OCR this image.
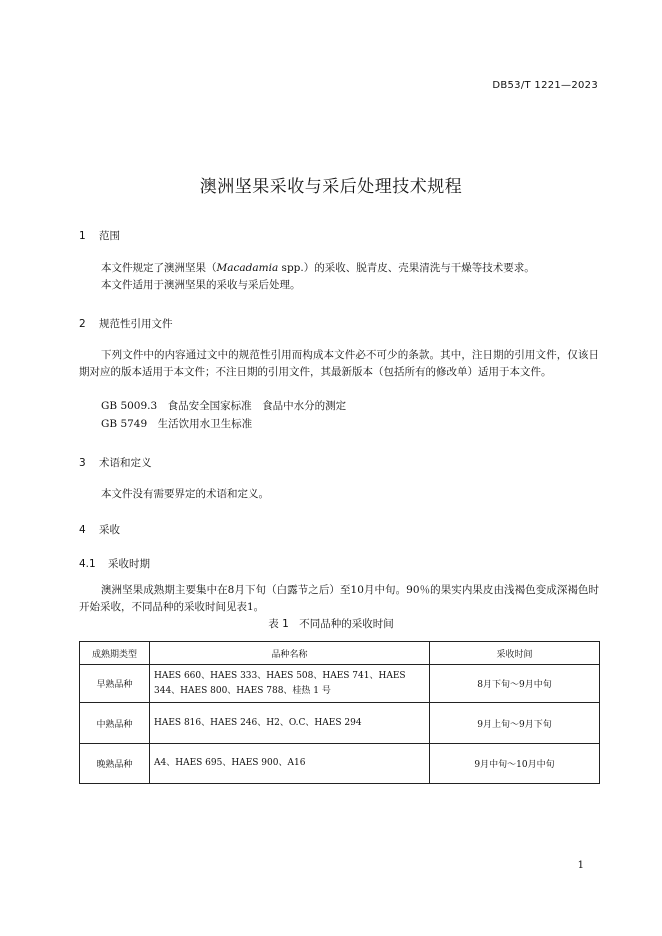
DB53/T 1221—2023
澳洲坚果采收与采后处理技术规程
1 范围
本文件规定了澳洲坚果（Macadamia spp.）的采收、脱青皮、壳果清洗与干燥等技术要求。
本文件适用于澳洲坚果的采收与采后处理。
2 规范性引用文件
下列文件中的内容通过文中的规范性引用而构成本文件必不可少的条款。其中，注日期的引用文件，仅该日期对应的版本适用于本文件；不注日期的引用文件，其最新版本（包括所有的修改单）适用于本文件。
GB 5009.3　食品安全国家标准　食品中水分的测定
GB 5749　生活饮用水卫生标准
3 术语和定义
本文件没有需要界定的术语和定义。
4 采收
4.1 采收时期
澳洲坚果成熟期主要集中在8月下旬（白露节之后）至10月中旬。90％的果实内果皮由浅褐色变成深褐色时开始采收，不同品种的采收时间见表1。
表 1　不同品种的采收时间
成熟期类型	品种名称	采收时间
早熟品种	HAES 660、HAES 333、HAES 508、HAES 741、HAES 344、HAES 800、HAES 788、桂热 1 号	8月下旬～9月中旬
中熟品种	HAES 816、HAES 246、H2、O.C、HAES 294	9月上旬～9月下旬
晚熟品种	A4、HAES 695、HAES 900、A16	9月中旬～10月中旬
1
